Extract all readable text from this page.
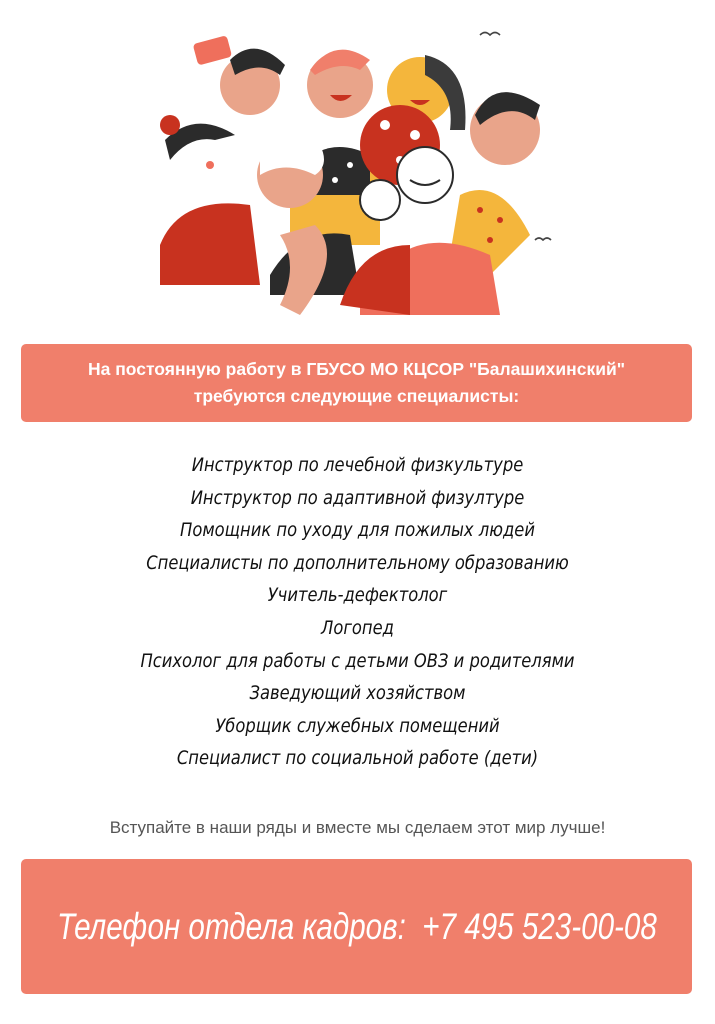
На постоянную работу в ГБУСО МО КЦСОР "Балашихинский"
требуются следующие специалисты:
Инструктор по лечебной физкультуре
Инструктор по адаптивной физултуре
Помощник по уходу для пожилых людей
Специалисты по дополнительному образованию
Учитель-дефектолог
Логопед
Психолог для работы с детьми ОВЗ и родителями
Заведующий хозяйством
Уборщик служебных помещений
Специалист по социальной работе (дети)
Вступайте в наши ряды и вместе мы сделаем этот мир лучше!
Телефон отдела кадров: +7 495 523-00-08
